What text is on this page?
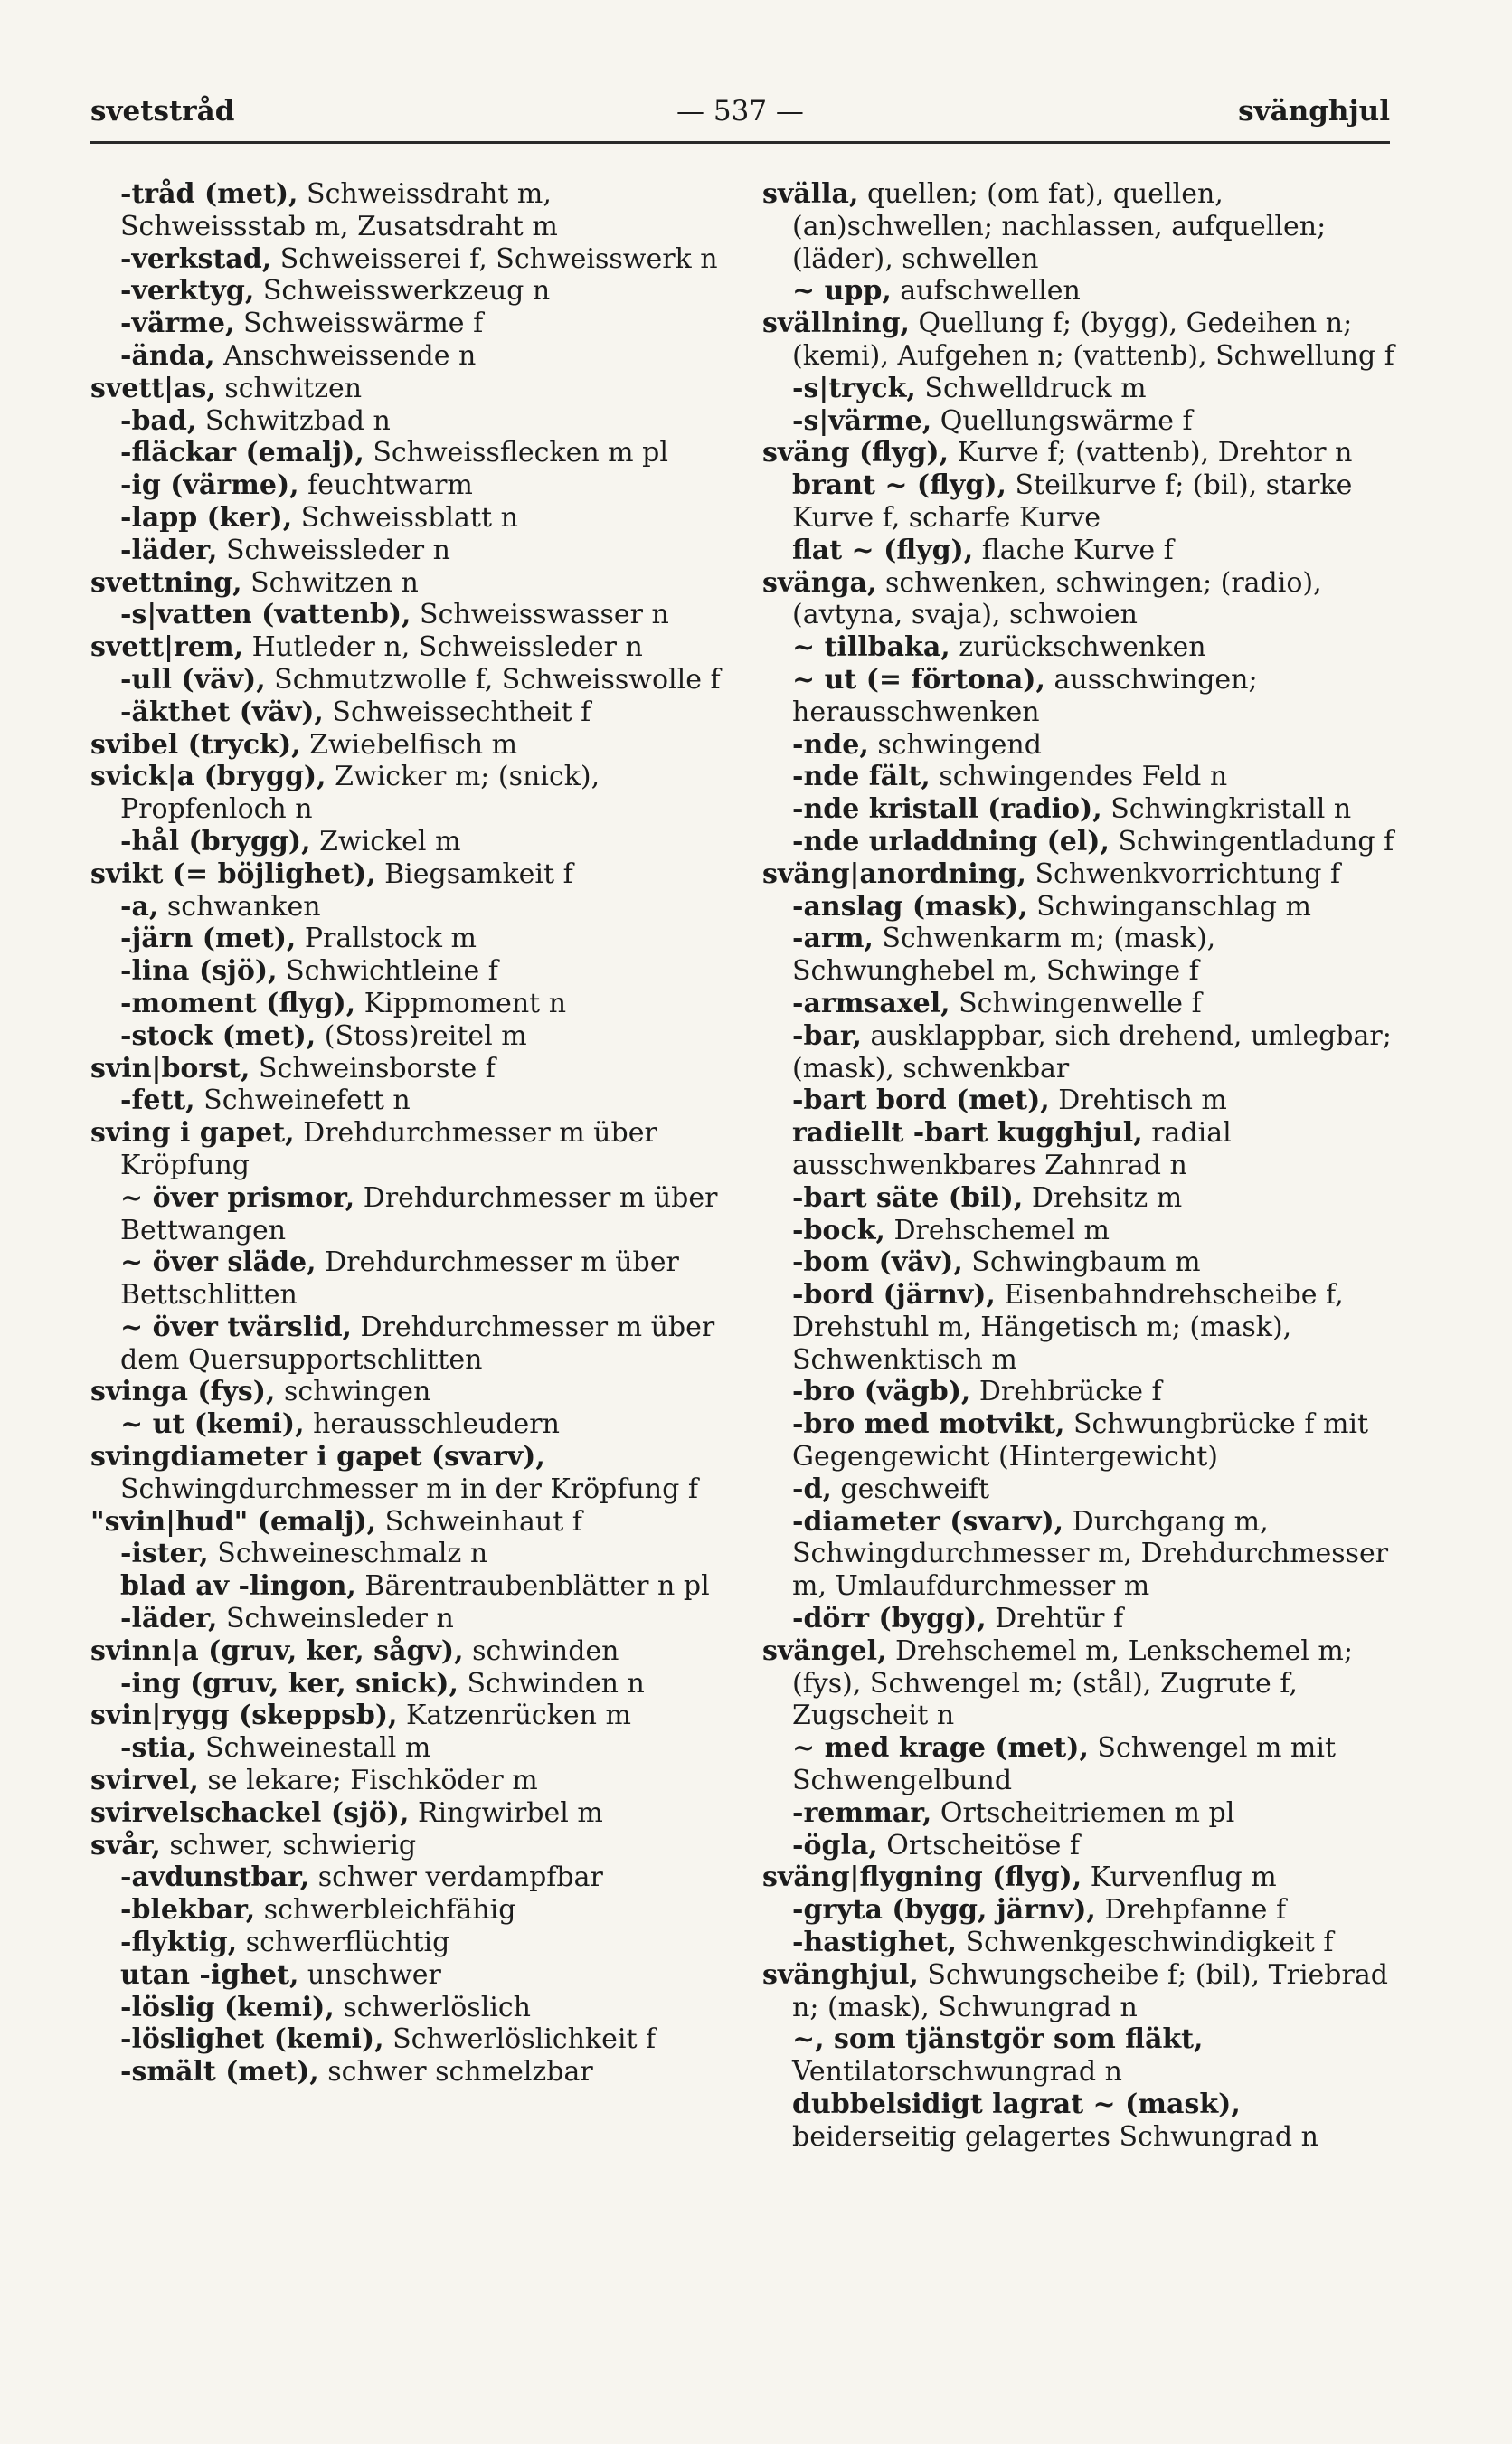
svetstråd	— 537 —	svänghjul
-tråd (met), Schweissdraht m, Schweissstab m, Zusatsdraht m
-verkstad, Schweisserei f, Schweisswerk n
-verktyg, Schweisswerkzeug n
-värme, Schweisswärme f
-ända, Anschweissende n
svett|as, schwitzen
-bad, Schwitzbad n
-fläckar (emalj), Schweissflecken m pl
-ig (värme), feuchtwarm
-lapp (ker), Schweissblatt n
-läder, Schweissleder n
svettning, Schwitzen n
-s|vatten (vattenb), Schweisswasser n
svett|rem, Hutleder n, Schweissleder n
-ull (väv), Schmutzwolle f, Schweisswolle f
-äkthet (väv), Schweissechtheit f
svibel (tryck), Zwiebelfisch m
svick|a (brygg), Zwicker m; (snick), Propfenloch n
-hål (brygg), Zwickel m
svikt (= böjlighet), Biegsamkeit f
-a, schwanken
-järn (met), Prallstock m
-lina (sjö), Schwichtleine f
-moment (flyg), Kippmoment n
-stock (met), (Stoss)reitel m
svin|borst, Schweinsborste f
-fett, Schweinefett n
sving i gapet, Drehdurchmesser m über Kröpfung
~ över prismor, Drehdurchmesser m über Bettwangen
~ över släde, Drehdurchmesser m über Bettschlitten
~ över tvärslid, Drehdurchmesser m über dem Quersupportschlitten
svinga (fys), schwingen
~ ut (kemi), herausschleudern
svingdiameter i gapet (svarv), Schwingdurchmesser m in der Kröpfung f
"svin|hud" (emalj), Schweinhaut f
-ister, Schweineschmalz n
blad av -lingon, Bärentraubenblätter n pl
-läder, Schweinsleder n
svinn|a (gruv, ker, sågv), schwinden
-ing (gruv, ker, snick), Schwinden n
svin|rygg (skeppsb), Katzenrücken m
-stia, Schweinestall m
svirvel, se lekare; Fischköder m
svirvelschackel (sjö), Ringwirbel m
svår, schwer, schwierig
-avdunstbar, schwer verdampfbar
-blekbar, schwerbleichfähig
-flyktig, schwerflüchtig
utan -ighet, unschwer
-löslig (kemi), schwerlöslich
-löslighet (kemi), Schwerlöslichkeit f
-smält (met), schwer schmelzbar
svälla, quellen; (om fat), quellen, (an)schwellen; nachlassen, aufquellen; (läder), schwellen
~ upp, aufschwellen
svällning, Quellung f; (bygg), Gedeihen n; (kemi), Aufgehen n; (vattenb), Schwellung f
-s|tryck, Schwelldruck m
-s|värme, Quellungswärme f
sväng (flyg), Kurve f; (vattenb), Drehtor n
brant ~ (flyg), Steilkurve f; (bil), starke Kurve f, scharfe Kurve
flat ~ (flyg), flache Kurve f
svänga, schwenken, schwingen; (radio), (avtyna, svaja), schwoien
~ tillbaka, zurückschwenken
~ ut (= förtona), ausschwingen; herausschwenken
-nde, schwingend
-nde fält, schwingendes Feld n
-nde kristall (radio), Schwingkristall n
-nde urladdning (el), Schwingentladung f
sväng|anordning, Schwenkvorrichtung f
-anslag (mask), Schwinganschlag m
-arm, Schwenkarm m; (mask), Schwunghebel m, Schwinge f
-armsaxel, Schwingenwelle f
-bar, ausklappbar, sich drehend, umlegbar; (mask), schwenkbar
-bart bord (met), Drehtisch m
radiellt -bart kugghjul, radial ausschwenkbares Zahnrad n
-bart säte (bil), Drehsitz m
-bock, Drehschemel m
-bom (väv), Schwingbaum m
-bord (järnv), Eisenbahndrehscheibe f, Drehstuhl m, Hängetisch m; (mask), Schwenktisch m
-bro (vägb), Drehbrücke f
-bro med motvikt, Schwungbrücke f mit Gegengewicht (Hintergewicht)
-d, geschweift
-diameter (svarv), Durchgang m, Schwingdurchmesser m, Drehdurchmesser m, Umlaufdurchmesser m
-dörr (bygg), Drehtür f
svängel, Drehschemel m, Lenkschemel m; (fys), Schwengel m; (stål), Zugrute f, Zugscheit n
~ med krage (met), Schwengel m mit Schwengelbund
-remmar, Ortscheitriemen m pl
-ögla, Ortscheitöse f
sväng|flygning (flyg), Kurvenflug m
-gryta (bygg, järnv), Drehpfanne f
-hastighet, Schwenkgeschwindigkeit f
svänghjul, Schwungscheibe f; (bil), Triebrad n; (mask), Schwungrad n
~, som tjänstgör som fläkt, Ventilatorschwungrad n
dubbelsidigt lagrat ~ (mask), beiderseitig gelagertes Schwungrad n
